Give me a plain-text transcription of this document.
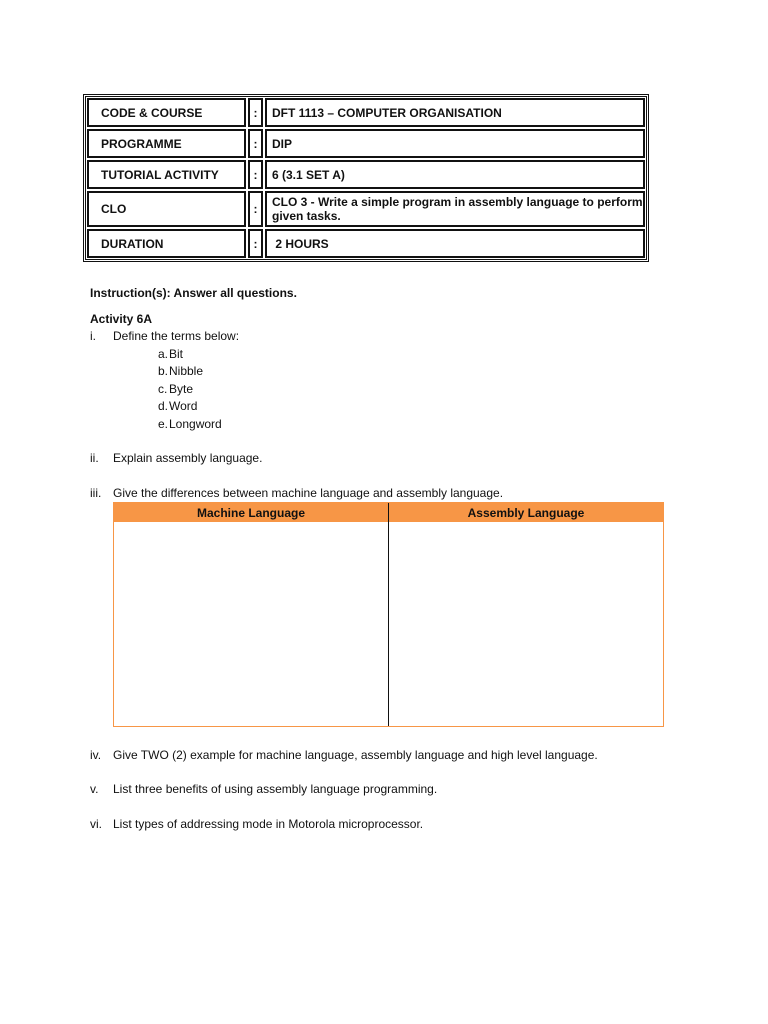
CODE & COURSE	:	DFT 1113 – COMPUTER ORGANISATION
PROGRAMME	:	DIP
TUTORIAL ACTIVITY	:	6 (3.1 SET A)
CLO	:	CLO 3 - Write a simple program in assembly language to perform given tasks.
DURATION	:	2 HOURS
Instruction(s): Answer all questions.
Activity 6A
i.	Define the terms below:
a.Bit
b.Nibble
c. Byte
d.Word
e.Longword
ii.	Explain assembly language.
iii. Give the differences between machine language and assembly language.
Machine Language	Assembly Language
iv. Give TWO (2) example for machine language, assembly language and high level language.
v.	List three benefits of using assembly language programming.
vi. List types of addressing mode in Motorola microprocessor.
